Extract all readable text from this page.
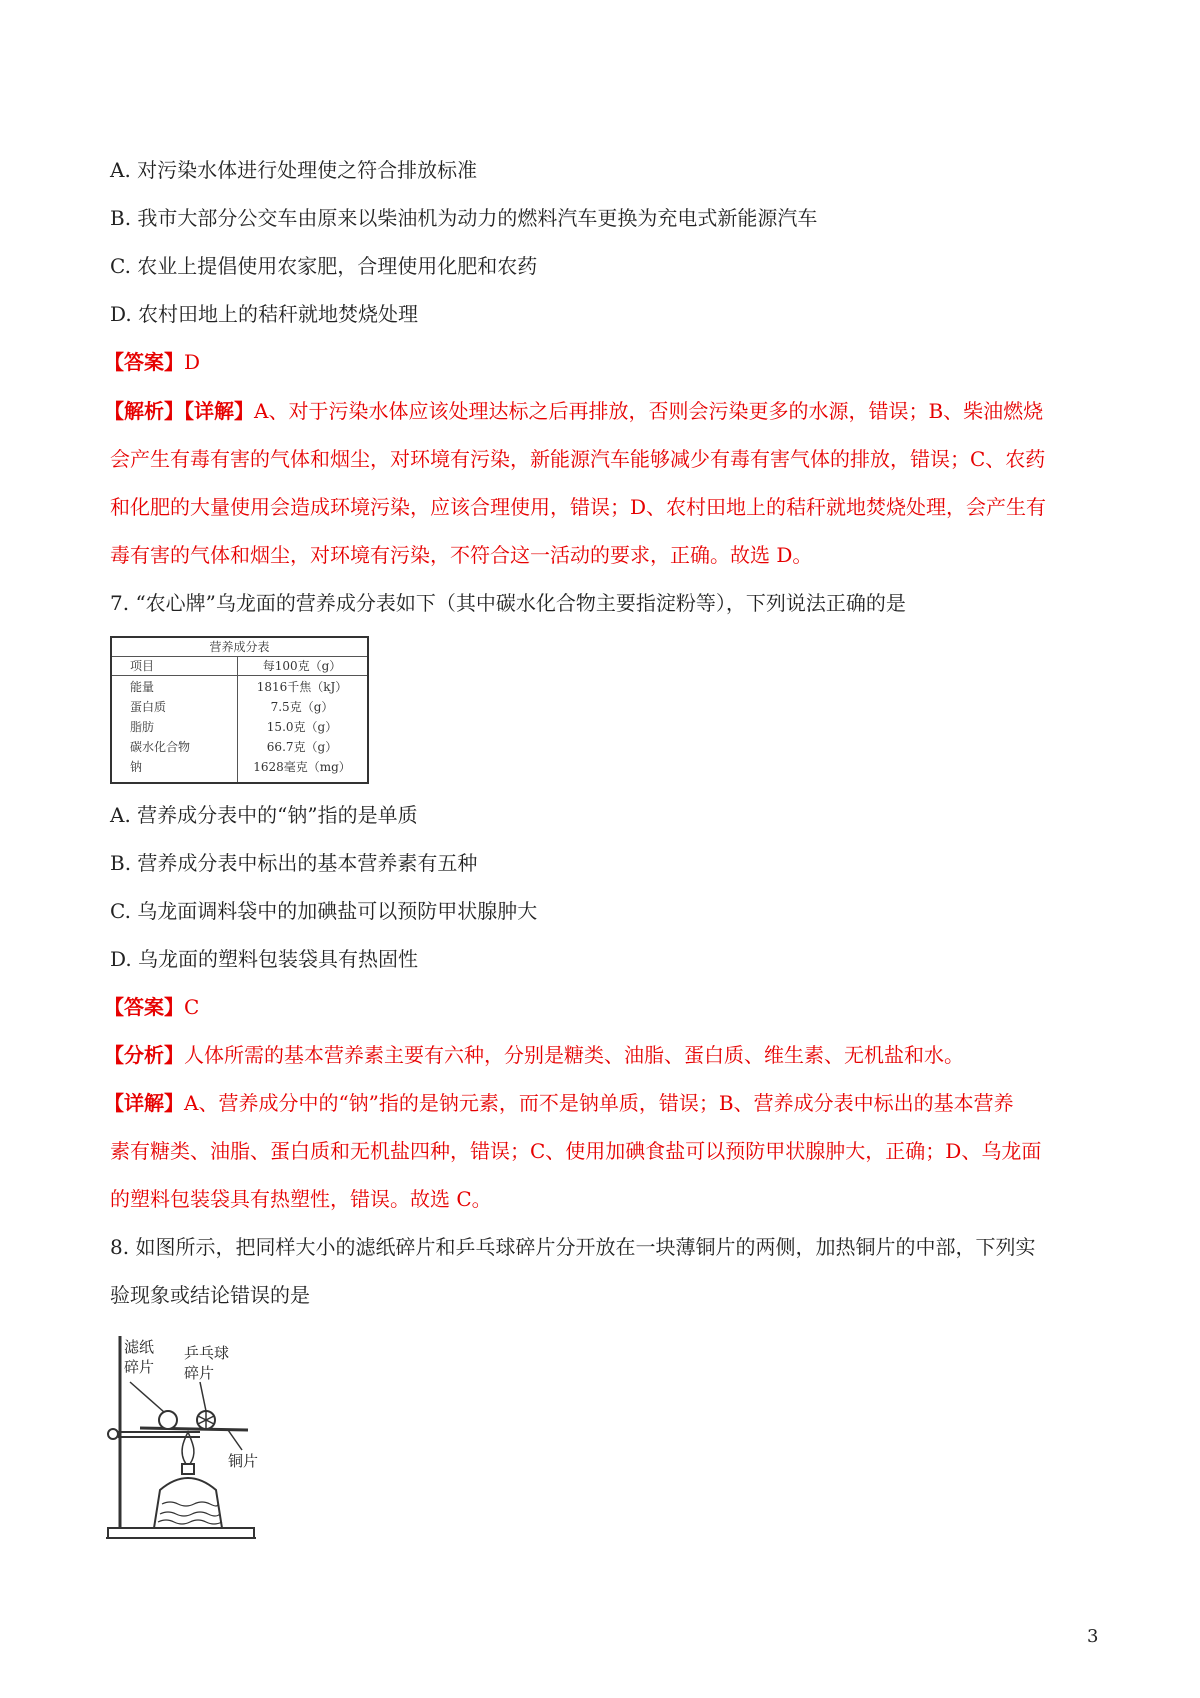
A. 对污染水体进行处理使之符合排放标准
B. 我市大部分公交车由原来以柴油机为动力的燃料汽车更换为充电式新能源汽车
C. 农业上提倡使用农家肥，合理使用化肥和农药
D. 农村田地上的秸秆就地焚烧处理
【答案】D
【解析】【详解】A、对于污染水体应该处理达标之后再排放，否则会污染更多的水源，错误；B、柴油燃烧
会产生有毒有害的气体和烟尘，对环境有污染，新能源汽车能够减少有毒有害气体的排放，错误；C、农药
和化肥的大量使用会造成环境污染，应该合理使用，错误；D、农村田地上的秸秆就地焚烧处理，会产生有
毒有害的气体和烟尘，对环境有污染，不符合这一活动的要求，正确。故选 D。
7. “农心牌”乌龙面的营养成分表如下（其中碳水化合物主要指淀粉等），下列说法正确的是
营养成分表
项目	每100克（g）
能量	1816千焦（kJ）
蛋白质	7.5克（g）
脂肪	15.0克（g）
碳水化合物	66.7克（g）
钠	1628毫克（mg）
A. 营养成分表中的“钠”指的是单质
B. 营养成分表中标出的基本营养素有五种
C. 乌龙面调料袋中的加碘盐可以预防甲状腺肿大
D. 乌龙面的塑料包装袋具有热固性
【答案】C
【分析】人体所需的基本营养素主要有六种，分别是糖类、油脂、蛋白质、维生素、无机盐和水。
【详解】A、营养成分中的“钠”指的是钠元素，而不是钠单质，错误；B、营养成分表中标出的基本营养
素有糖类、油脂、蛋白质和无机盐四种，错误；C、使用加碘食盐可以预防甲状腺肿大，正确；D、乌龙面
的塑料包装袋具有热塑性，错误。故选 C。
8. 如图所示，把同样大小的滤纸碎片和乒乓球碎片分开放在一块薄铜片的两侧，加热铜片的中部，下列实
验现象或结论错误的是
滤纸
碎片
乒乓球
碎片
铜片
3
